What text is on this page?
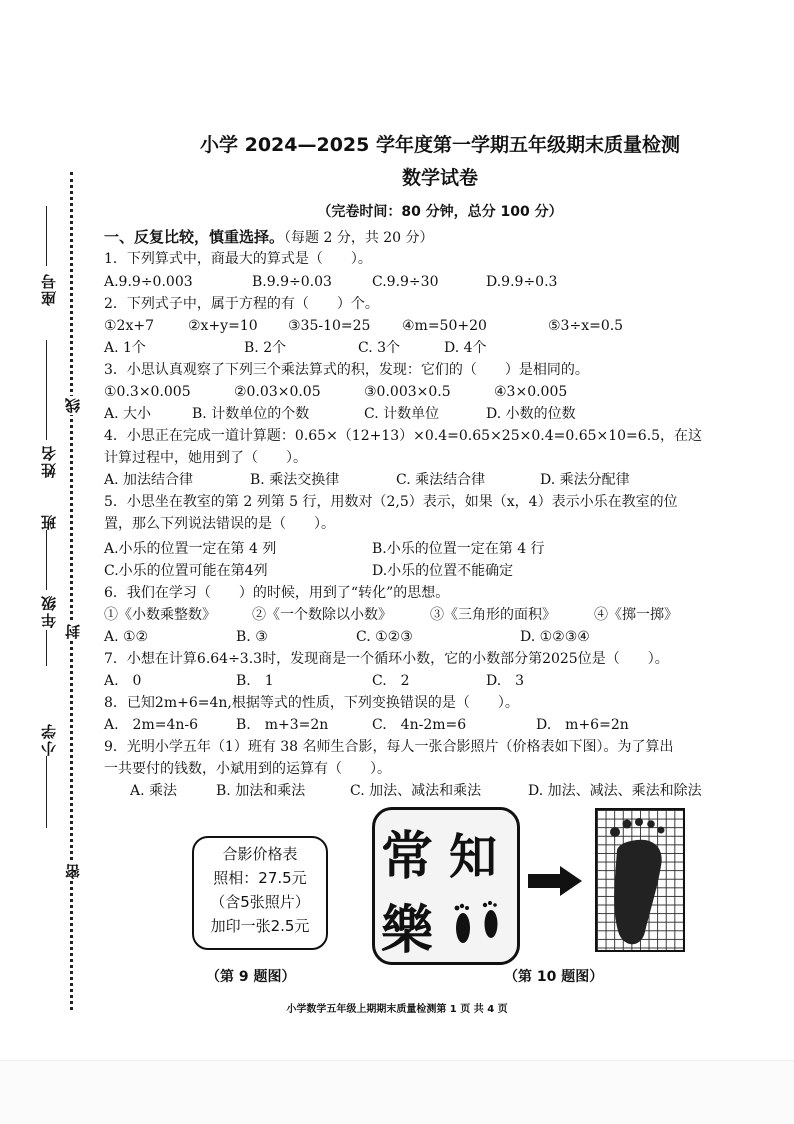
座号
姓名
班
年级
小学
线
封
密
小学 2024—2025 学年度第一学期五年级期末质量检测
数学试卷
（完卷时间：80 分钟，总分 100 分）
一、反复比较，慎重选择。（每题 2 分，共 20 分）
1．下列算式中，商最大的算式是（　　）。
A.9.9÷0.003	B.9.9÷0.03	C.9.9÷30	D.9.9÷0.3
2．下列式子中，属于方程的有（　　）个。
①2x+7 ②x+y=10 ③35-10=25 ④m=50+20	⑤3÷x=0.5
A. 1个	B. 2个	C. 3个	D. 4个
3．小思认真观察了下列三个乘法算式的积，发现：它们的（　　）是相同的。
①0.3×0.005	②0.03×0.05	③0.003×0.5	④3×0.005
A. 大小	B. 计数单位的个数	C. 计数单位	D. 小数的位数
4．小思正在完成一道计算题：0.65×（12+13）×0.4=0.65×25×0.4=0.65×10=6.5，在这
计算过程中，她用到了（　　）。
A. 加法结合律	B. 乘法交换律	C. 乘法结合律	D. 乘法分配律
5．小思坐在教室的第 2 列第 5 行，用数对（2,5）表示，如果（x，4）表示小乐在教室的位
置，那么下列说法错误的是（　　）。
A.小乐的位置一定在第 4 列	B.小乐的位置一定在第 4 行
C.小乐的位置可能在第4列	D.小乐的位置不能确定
6．我们在学习（　　）的时候，用到了“转化”的思想。
①《小数乘整数》	②《一个数除以小数》	③《三角形的面积》	④《掷一掷》
A. ①②	B. ③	C. ①②③	D. ①②③④
7．小想在计算6.64÷3.3时，发现商是一个循环小数，它的小数部分第2025位是（　　）。
A.　0	B.　1	C.　2	D.　3
8．已知2m+6=4n,根据等式的性质，下列变换错误的是（　　）。
A.　2m=4n-6	B.　m+3=2n	C.　4n-2m=6	D.　m+6=2n
9．光明小学五年（1）班有 38 名师生合影，每人一张合影照片（价格表如下图）。为了算出
一共要付的钱数，小斌用到的运算有（　　）。
A. 乘法	B. 加法和乘法	C. 加法、减法和乘法	D. 加法、减法、乘法和除法
合影价格表
照相：27.5元
（含5张照片）
加印一张2.5元
（第 9 题图）
常 知
樂
（第 10 题图）
小学数学五年级上期期末质量检测第 1 页 共 4 页
